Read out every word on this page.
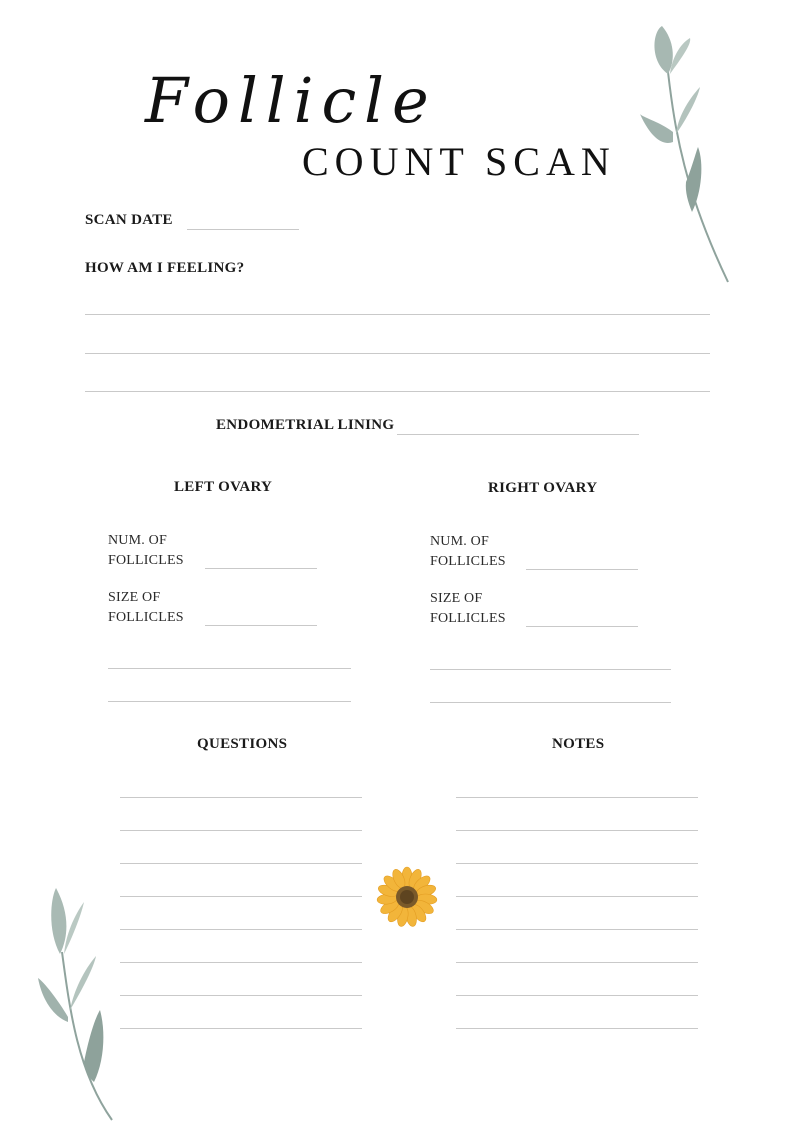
Follicle
COUNT SCAN
SCAN DATE
HOW AM I FEELING?
ENDOMETRIAL LINING
LEFT OVARY
NUM. OF
FOLLICLES
SIZE OF
FOLLICLES
RIGHT OVARY
NUM. OF
FOLLICLES
SIZE OF
FOLLICLES
QUESTIONS	NOTES
